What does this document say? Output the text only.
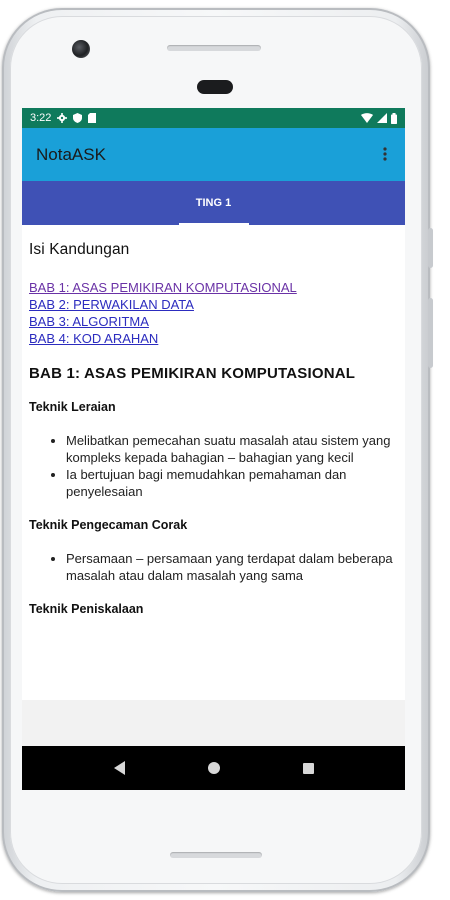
3:22
NotaASK
TING 1
Isi Kandungan
BAB 1: ASAS PEMIKIRAN KOMPUTASIONAL
BAB 2: PERWAKILAN DATA
BAB 3: ALGORITMA
BAB 4: KOD ARAHAN
BAB 1: ASAS PEMIKIRAN KOMPUTASIONAL
Teknik Leraian
• Melibatkan pemecahan suatu masalah atau sistem yang kompleks kepada bahagian – bahagian yang kecil
• Ia bertujuan bagi memudahkan pemahaman dan penyelesaian
Teknik Pengecaman Corak
• Persamaan – persamaan yang terdapat dalam beberapa masalah atau dalam masalah yang sama
Teknik Peniskalaan
